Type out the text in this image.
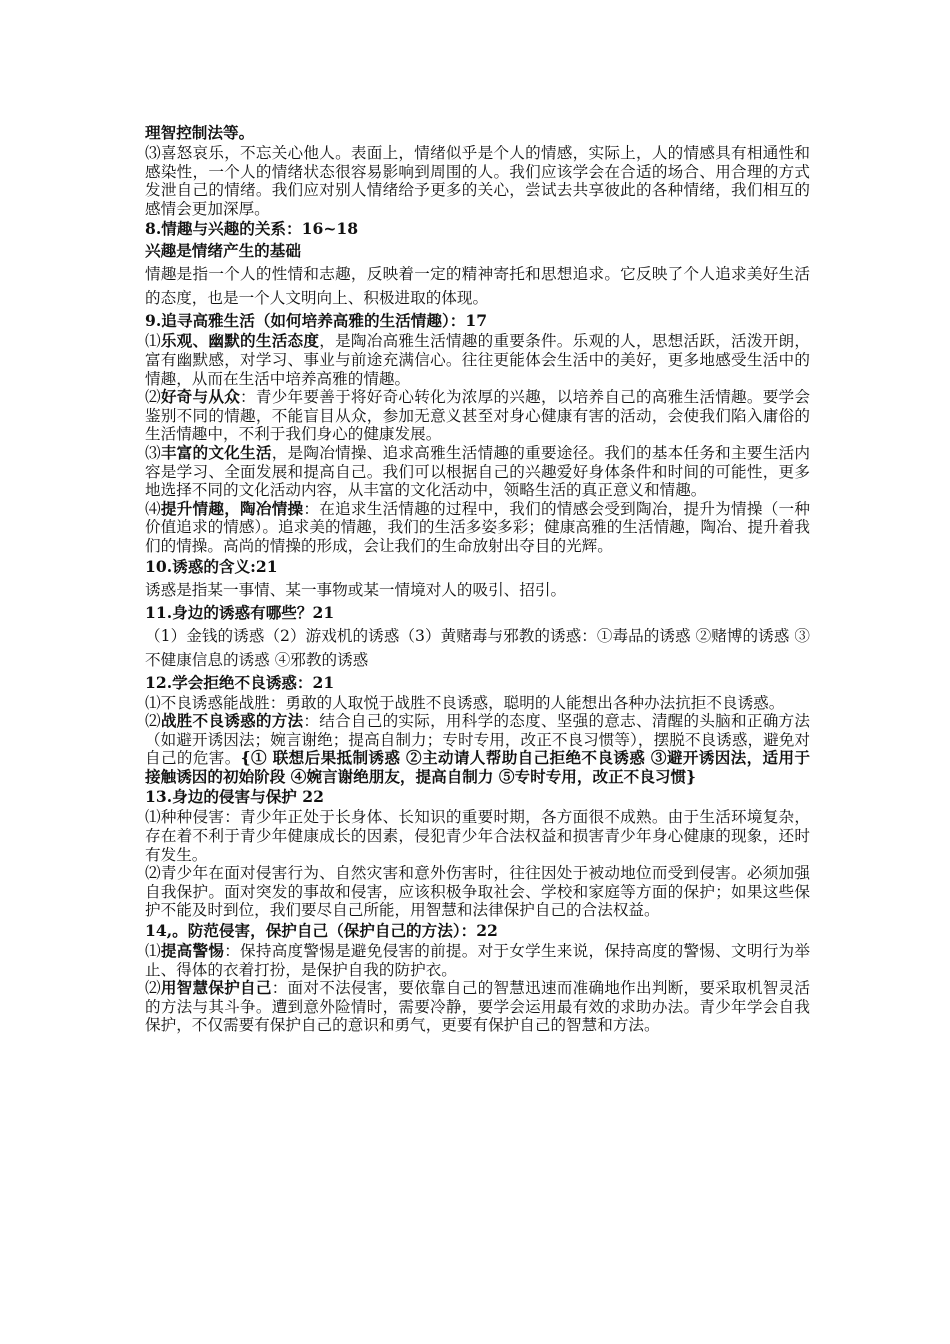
理智控制法等。

⑶喜怒哀乐，不忘关心他人。表面上，情绪似乎是个人的情感，实际上，人的情感具有相通性和感染性，一个人的情绪状态很容易影响到周围的人。我们应该学会在合适的场合、用合理的方式发泄自己的情绪。我们应对别人情绪给予更多的关心，尝试去共享彼此的各种情绪，我们相互的感情会更加深厚。

8.情趣与兴趣的关系：16~18

兴趣是情绪产生的基础

情趣是指一个人的性情和志趣，反映着一定的精神寄托和思想追求。它反映了个人追求美好生活的态度，也是一个人文明向上、积极进取的体现。

9.追寻高雅生活（如何培养高雅的生活情趣）：17

⑴乐观、幽默的生活态度，是陶冶高雅生活情趣的重要条件。乐观的人，思想活跃，活泼开朗，富有幽默感，对学习、事业与前途充满信心。往往更能体会生活中的美好，更多地感受生活中的情趣，从而在生活中培养高雅的情趣。

⑵好奇与从众：青少年要善于将好奇心转化为浓厚的兴趣，以培养自己的高雅生活情趣。要学会鉴别不同的情趣，不能盲目从众，参加无意义甚至对身心健康有害的活动，会使我们陷入庸俗的生活情趣中，不利于我们身心的健康发展。

⑶丰富的文化生活，是陶冶情操、追求高雅生活情趣的重要途径。我们的基本任务和主要生活内容是学习、全面发展和提高自己。我们可以根据自己的兴趣爱好身体条件和时间的可能性，更多地选择不同的文化活动内容，从丰富的文化活动中，领略生活的真正意义和情趣。

⑷提升情趣，陶冶情操：在追求生活情趣的过程中，我们的情感会受到陶冶，提升为情操（一种价值追求的情感）。追求美的情趣，我们的生活多姿多彩；健康高雅的生活情趣，陶冶、提升着我们的情操。高尚的情操的形成，会让我们的生命放射出夺目的光辉。

10.诱惑的含义:21

诱惑是指某一事情、某一事物或某一情境对人的吸引、招引。

11.身边的诱惑有哪些？21

（1）金钱的诱惑（2）游戏机的诱惑（3）黄赌毒与邪教的诱惑：①毒品的诱惑 ②赌博的诱惑 ③不健康信息的诱惑 ④邪教的诱惑

12.学会拒绝不良诱惑：21

⑴不良诱惑能战胜：勇敢的人取悦于战胜不良诱惑，聪明的人能想出各种办法抗拒不良诱惑。

⑵战胜不良诱惑的方法：结合自己的实际，用科学的态度、坚强的意志、清醒的头脑和正确方法（如避开诱因法；婉言谢绝；提高自制力；专时专用，改正不良习惯等），摆脱不良诱惑，避免对自己的危害。{① 联想后果抵制诱惑 ②主动请人帮助自己拒绝不良诱惑 ③避开诱因法，适用于接触诱因的初始阶段 ④婉言谢绝朋友，提高自制力 ⑤专时专用，改正不良习惯}

13.身边的侵害与保护 22

⑴种种侵害：青少年正处于长身体、长知识的重要时期，各方面很不成熟。由于生活环境复杂，存在着不利于青少年健康成长的因素，侵犯青少年合法权益和损害青少年身心健康的现象，还时有发生。

⑵青少年在面对侵害行为、自然灾害和意外伤害时，往往因处于被动地位而受到侵害。必须加强自我保护。面对突发的事故和侵害，应该积极争取社会、学校和家庭等方面的保护；如果这些保护不能及时到位，我们要尽自己所能，用智慧和法律保护自己的合法权益。

14,。防范侵害，保护自己（保护自己的方法）：22

⑴提高警惕：保持高度警惕是避免侵害的前提。对于女学生来说，保持高度的警惕、文明行为举止、得体的衣着打扮，是保护自我的防护衣。

⑵用智慧保护自己：面对不法侵害，要依靠自己的智慧迅速而准确地作出判断，要采取机智灵活的方法与其斗争。遭到意外险情时，需要冷静，要学会运用最有效的求助办法。青少年学会自我保护，不仅需要有保护自己的意识和勇气，更要有保护自己的智慧和方法。
